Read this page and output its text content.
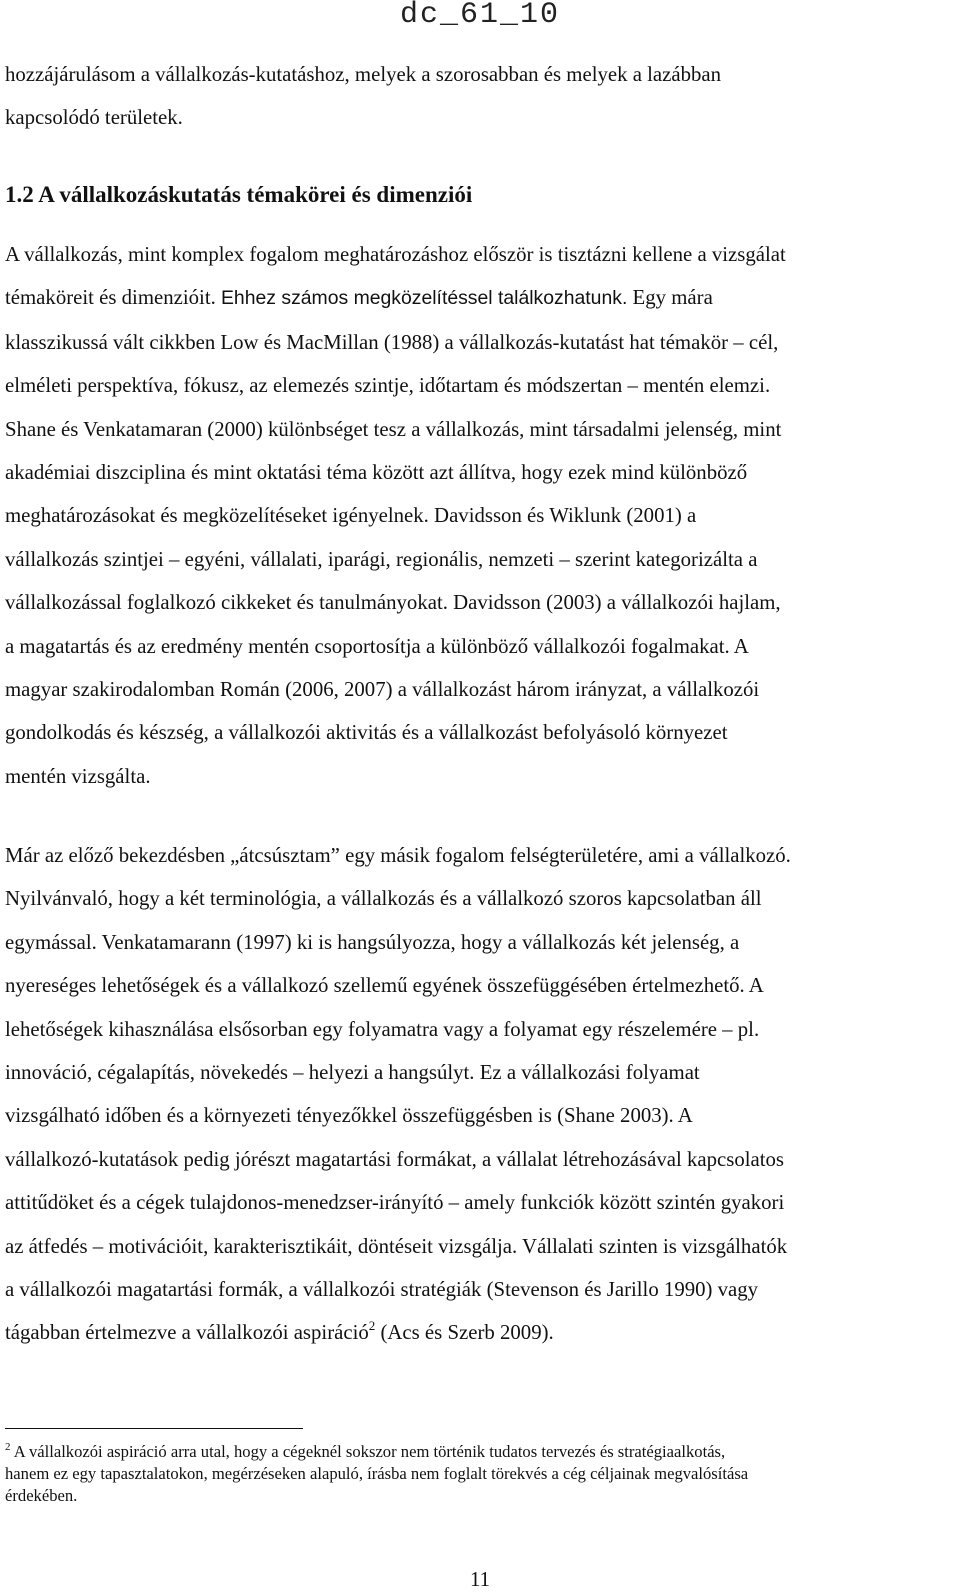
dc_61_10
hozzájárulásom a vállalkozás-kutatáshoz, melyek a szorosabban és melyek a lazábban
kapcsolódó területek.
1.2 A vállalkozáskutatás témakörei és dimenziói
A vállalkozás, mint komplex fogalom meghatározáshoz először is tisztázni kellene a vizsgálat
témaköreit és dimenzióit. Ehhez számos megközelítéssel találkozhatunk. Egy mára
klasszikussá vált cikkben Low és MacMillan (1988) a vállalkozás-kutatást hat témakör – cél,
elméleti perspektíva, fókusz, az elemezés szintje, időtartam és módszertan – mentén elemzi.
Shane és Venkatamaran (2000) különbséget tesz a vállalkozás, mint társadalmi jelenség, mint
akadémiai diszciplina és mint oktatási téma között azt állítva, hogy ezek mind különböző
meghatározásokat és megközelítéseket igényelnek. Davidsson és Wiklunk (2001) a
vállalkozás szintjei – egyéni, vállalati, iparági, regionális, nemzeti – szerint kategorizálta a
vállalkozással foglalkozó cikkeket és tanulmányokat. Davidsson (2003) a vállalkozói hajlam,
a magatartás és az eredmény mentén csoportosítja a különböző vállalkozói fogalmakat. A
magyar szakirodalomban Román (2006, 2007) a vállalkozást három irányzat, a vállalkozói
gondolkodás és készség, a vállalkozói aktivitás és a vállalkozást befolyásoló környezet
mentén vizsgálta.
Már az előző bekezdésben „átcsúsztam” egy másik fogalom felségterületére, ami a vállalkozó.
Nyilvánvaló, hogy a két terminológia, a vállalkozás és a vállalkozó szoros kapcsolatban áll
egymással. Venkatamarann (1997) ki is hangsúlyozza, hogy a vállalkozás két jelenség, a
nyereséges lehetőségek és a vállalkozó szellemű egyének összefüggésében értelmezhető. A
lehetőségek kihasználása elsősorban egy folyamatra vagy a folyamat egy részelemére – pl.
innováció, cégalapítás, növekedés – helyezi a hangsúlyt. Ez a vállalkozási folyamat
vizsgálható időben és a környezeti tényezőkkel összefüggésben is (Shane 2003). A
vállalkozó-kutatások pedig jórészt magatartási formákat, a vállalat létrehozásával kapcsolatos
attitűdöket és a cégek tulajdonos-menedzser-irányító – amely funkciók között szintén gyakori
az átfedés – motivációit, karakterisztikáit, döntéseit vizsgálja. Vállalati szinten is vizsgálhatók
a vállalkozói magatartási formák, a vállalkozói stratégiák (Stevenson és Jarillo 1990) vagy
tágabban értelmezve a vállalkozói aspiráció$^2$ (Acs és Szerb 2009).
$^2$ A vállalkozói aspiráció arra utal, hogy a cégeknél sokszor nem történik tudatos tervezés és stratégiaalkotás,
hanem ez egy tapasztalatokon, megérzéseken alapuló, írásba nem foglalt törekvés a cég céljainak megvalósítása
érdekében.
11
